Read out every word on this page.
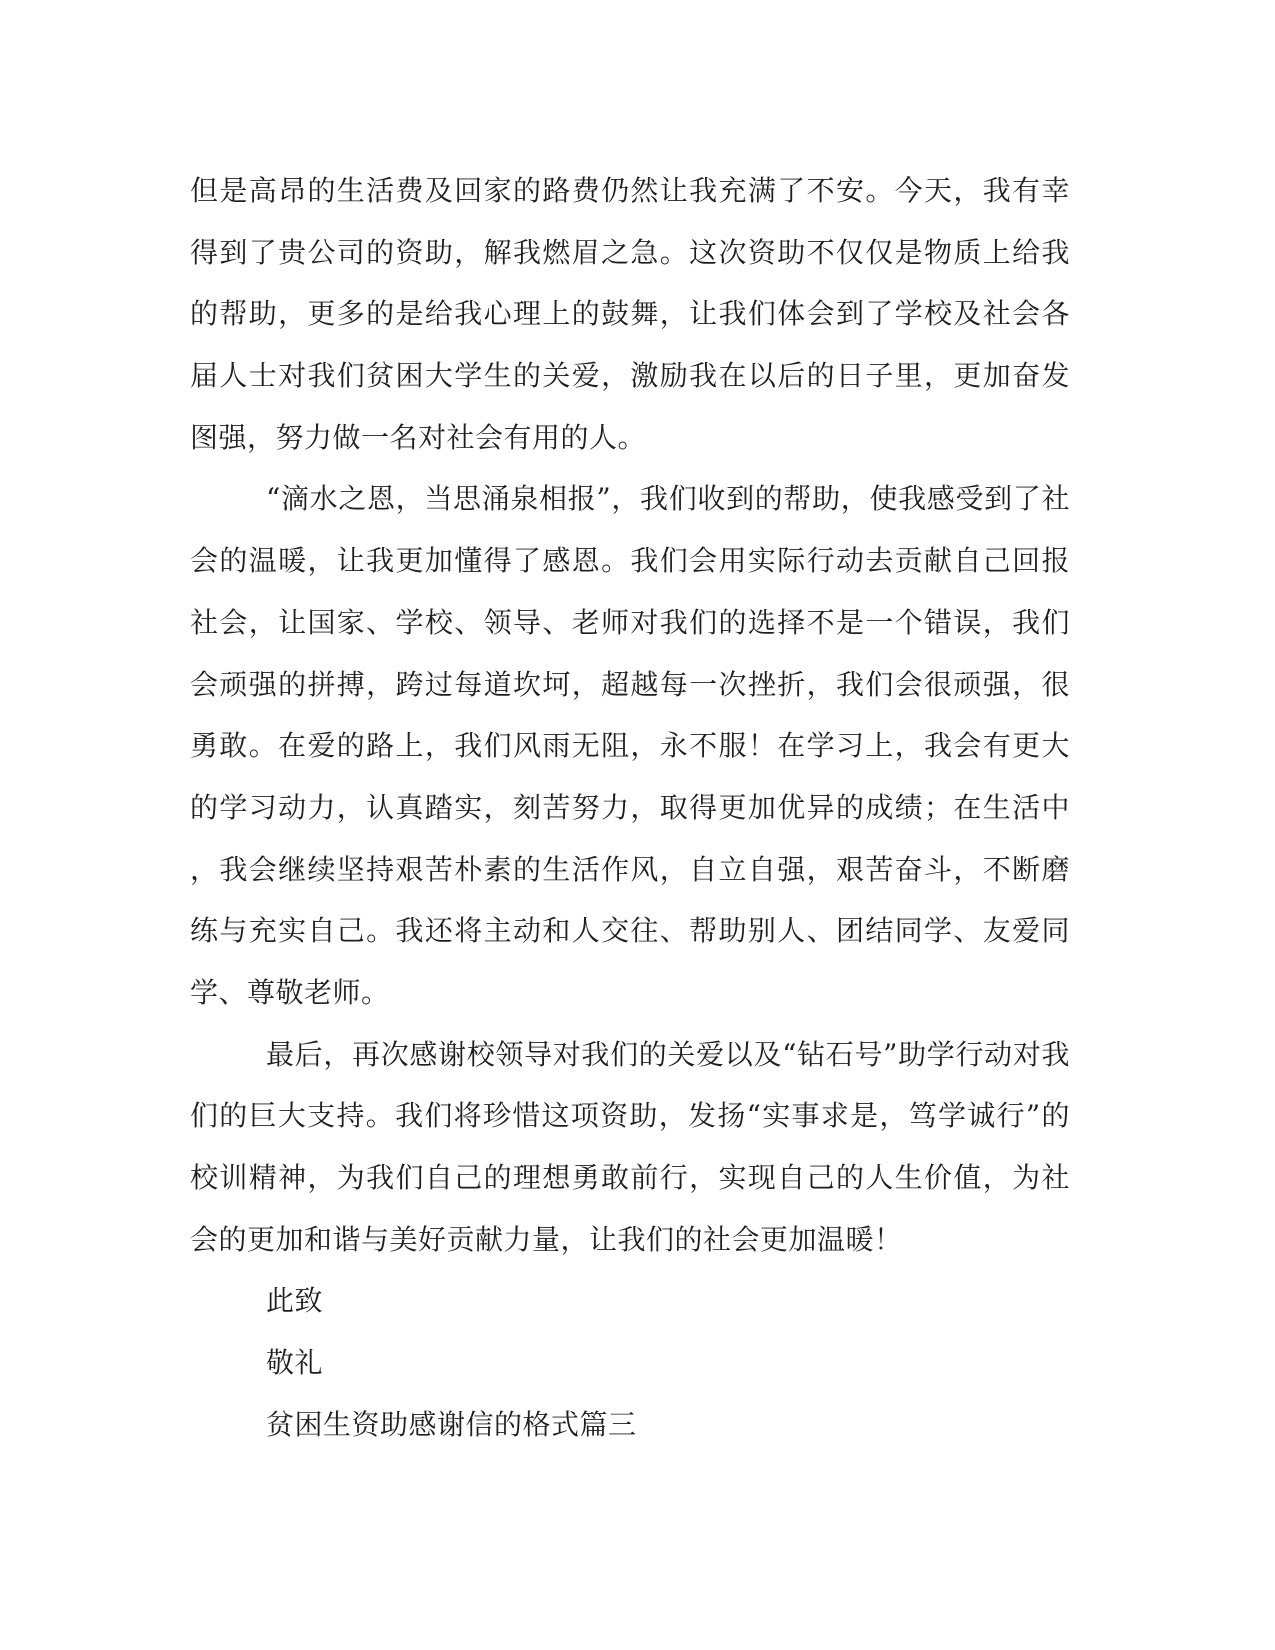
但是高昂的生活费及回家的路费仍然让我充满了不安。今天，我有幸
得到了贵公司的资助，解我燃眉之急。这次资助不仅仅是物质上给我
的帮助，更多的是给我心理上的鼓舞，让我们体会到了学校及社会各
届人士对我们贫困大学生的关爱，激励我在以后的日子里，更加奋发
图强，努力做一名对社会有用的人。
“滴水之恩，当思涌泉相报”，我们收到的帮助，使我感受到了社
会的温暖，让我更加懂得了感恩。我们会用实际行动去贡献自己回报
社会，让国家、学校、领导、老师对我们的选择不是一个错误，我们
会顽强的拼搏，跨过每道坎坷，超越每一次挫折，我们会很顽强，很
勇敢。在爱的路上，我们风雨无阻，永不服！在学习上，我会有更大
的学习动力，认真踏实，刻苦努力，取得更加优异的成绩；在生活中
，我会继续坚持艰苦朴素的生活作风，自立自强，艰苦奋斗，不断磨
练与充实自己。我还将主动和人交往、帮助别人、团结同学、友爱同
学、尊敬老师。
最后，再次感谢校领导对我们的关爱以及“钻石号”助学行动对我
们的巨大支持。我们将珍惜这项资助，发扬“实事求是，笃学诚行”的
校训精神，为我们自己的理想勇敢前行，实现自己的人生价值，为社
会的更加和谐与美好贡献力量，让我们的社会更加温暖！
此致
敬礼
贫困生资助感谢信的格式篇三
